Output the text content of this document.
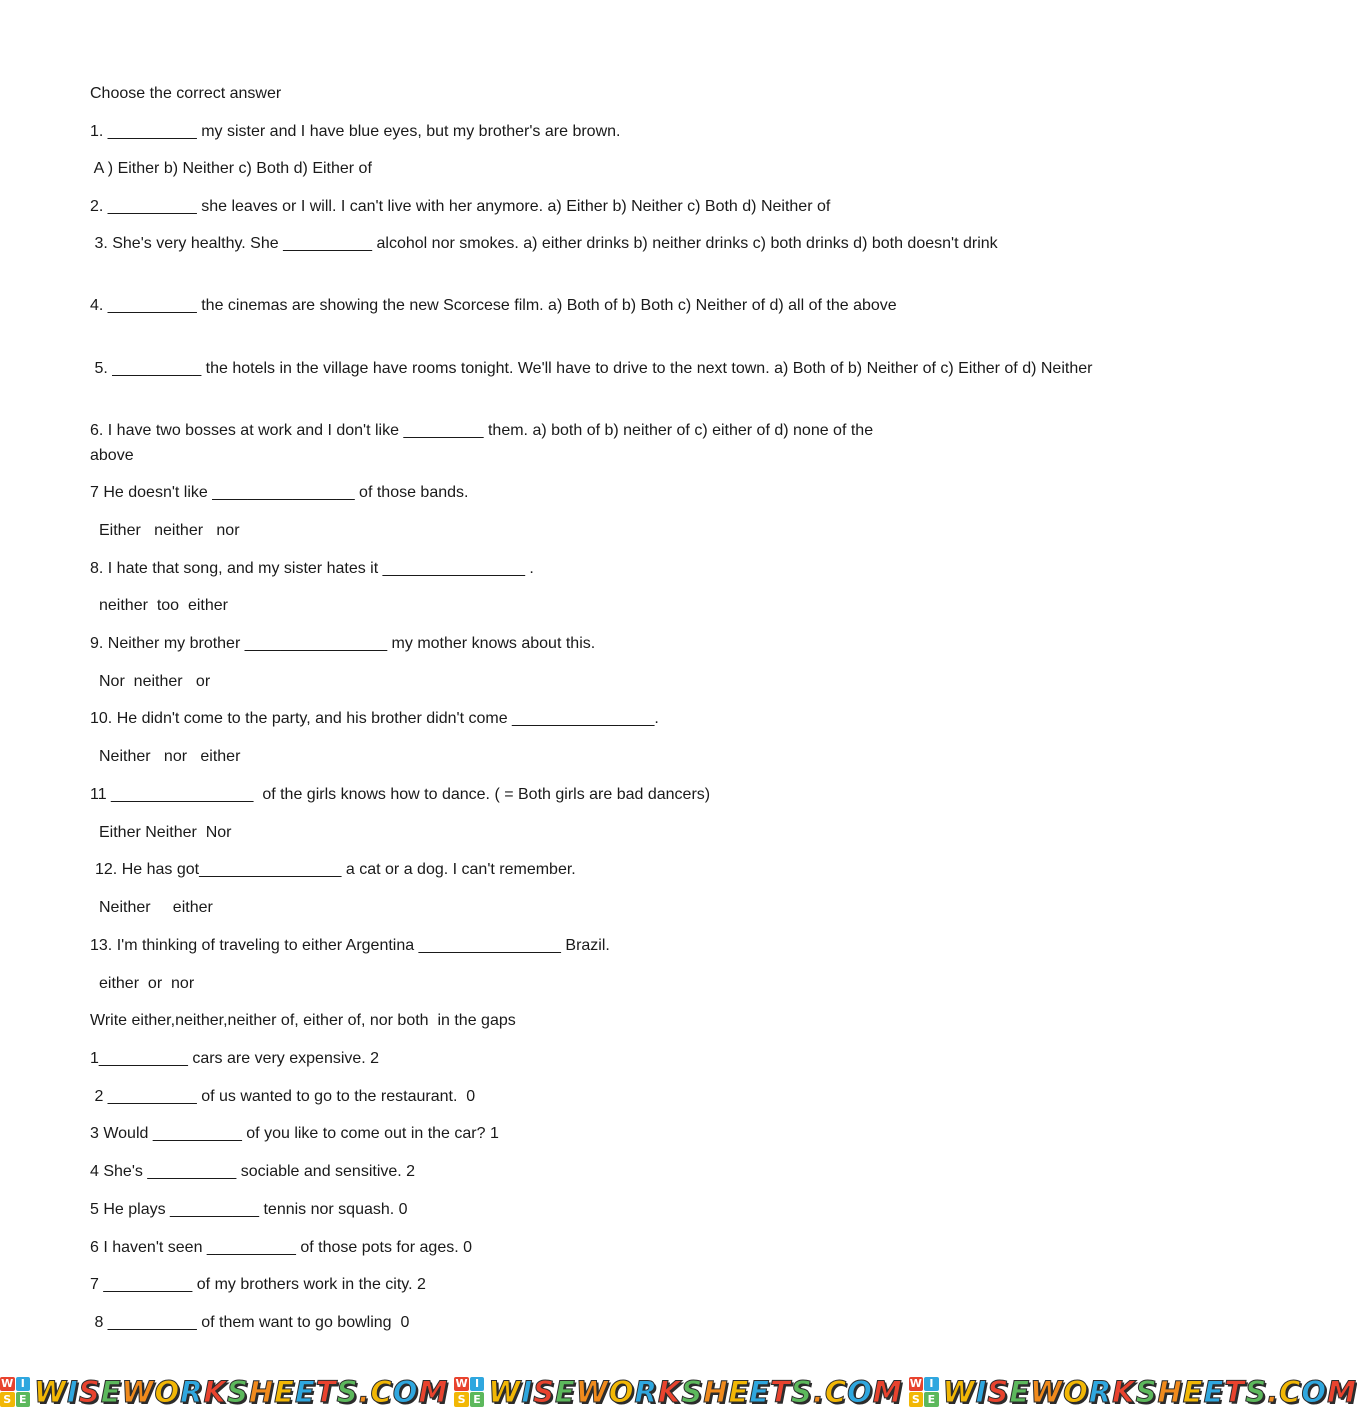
Choose the correct answer
1. __________ my sister and I have blue eyes, but my brother's are brown.
A ) Either b) Neither c) Both d) Either of
2. __________ she leaves or I will. I can't live with her anymore. a) Either b) Neither c) Both d) Neither of
3. She's very healthy. She __________ alcohol nor smokes. a) either drinks b) neither drinks c) both drinks d) both doesn't drink
4. __________ the cinemas are showing the new Scorcese film. a) Both of b) Both c) Neither of d) all of the above
5. __________ the hotels in the village have rooms tonight. We'll have to drive to the next town. a) Both of b) Neither of c) Either of d) Neither
6. I have two bosses at work and I don't like _________ them. a) both of b) neither of c) either of d) none of the above
7 He doesn't like ________________ of those bands.
Either   neither   nor
8. I hate that song, and my sister hates it ________________ .
neither  too  either
9. Neither my brother ________________ my mother knows about this.
Nor  neither   or
10. He didn't come to the party, and his brother didn't come ________________.
Neither   nor   either
11 ________________  of the girls knows how to dance. ( = Both girls are bad dancers)
Either Neither  Nor
12. He has got________________ a cat or a dog. I can't remember.
Neither     either
13. I'm thinking of traveling to either Argentina ________________ Brazil.
either  or  nor
Write either,neither,neither of, either of, nor both  in the gaps
1__________ cars are very expensive. 2
2 __________ of us wanted to go to the restaurant.  0
3 Would __________ of you like to come out in the car? 1
4 She's __________ sociable and sensitive. 2
5 He plays __________ tennis nor squash. 0
6 I haven't seen __________ of those pots for ages. 0
7 __________ of my brothers work in the city. 2
8 __________ of them want to go bowling  0
W I
S E WISEWORKSHEETS.COM W I
S E WISEWORKSHEETS.COM W I
S E WISEWORKSHEETS.COM
